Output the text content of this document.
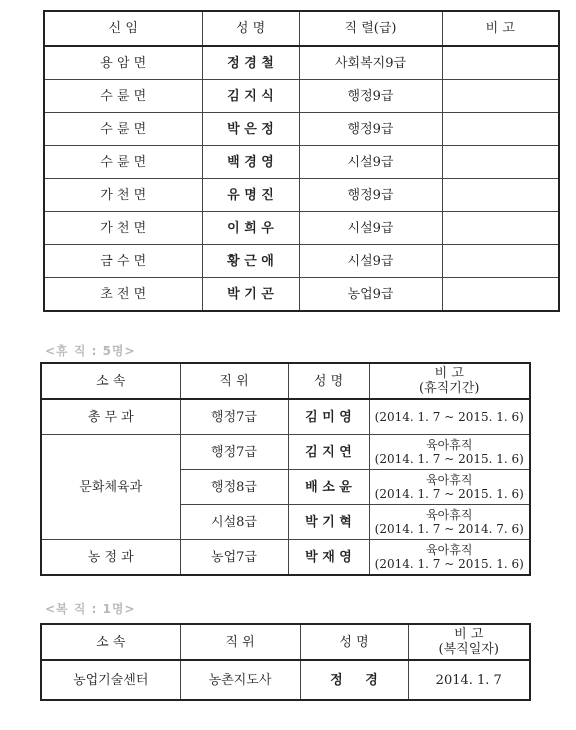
신 임	성 명	직 렬(급)	비 고
용 암 면	정 경 철	사회복지9급	
수 륜 면	김 지 식	행정9급	
수 륜 면	박 은 정	행정9급	
수 륜 면	백 경 영	시설9급	
가 천 면	유 명 진	행정9급	
가 천 면	이 희 우	시설9급	
금 수 면	황 근 애	시설9급	
초 전 면	박 기 곤	농업9급	
<휴 직 : 5명>
소 속	직 위	성 명	비 고
(휴직기간)

총 무 과	행정7급	김 미 영	(2014. 1. 7 ~ 2015. 1. 6)

문화체육과	행정7급	김 지 연	육아휴직
(2014. 1. 7 ~ 2015. 1. 6)

	행정8급	배 소 윤	육아휴직
(2014. 1. 7 ~ 2015. 1. 6)

	시설8급	박 기 혁	육아휴직
(2014. 1. 7 ~ 2014. 7. 6)

농 정 과	농업7급	박 재 영	육아휴직
(2014. 1. 7 ~ 2015. 1. 6)
<복 직 : 1명>
소 속	직 위	성 명	비 고
(복직일자)

농업기술센터	농촌지도사	정     경	2014. 1. 7
